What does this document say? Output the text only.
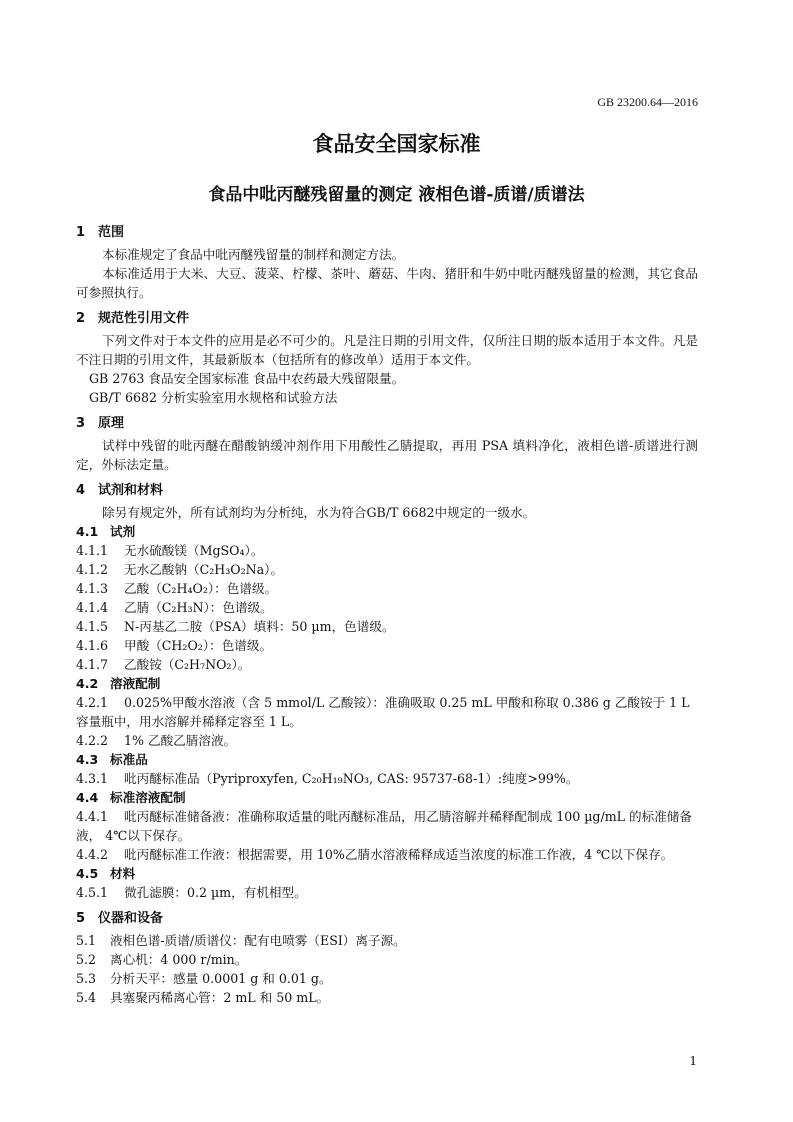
GB 23200.64—2016
食品安全国家标准
食品中吡丙醚残留量的测定 液相色谱-质谱/质谱法
1 范围

本标准规定了食品中吡丙醚残留量的制样和测定方法。

本标准适用于大米、大豆、菠菜、柠檬、茶叶、蘑菇、牛肉、猪肝和牛奶中吡丙醚残留量的检测，其它食品可参照执行。

2 规范性引用文件

下列文件对于本文件的应用是必不可少的。凡是注日期的引用文件，仅所注日期的版本适用于本文件。凡是不注日期的引用文件，其最新版本（包括所有的修改单）适用于本文件。

GB 2763 食品安全国家标准 食品中农药最大残留限量。

GB/T 6682 分析实验室用水规格和试验方法

3 原理

试样中残留的吡丙醚在醋酸钠缓冲剂作用下用酸性乙腈提取，再用 PSA 填料净化，液相色谱-质谱进行测定，外标法定量。

4 试剂和材料

除另有规定外，所有试剂均为分析纯，水为符合GB/T 6682中规定的一级水。

4.1 试剂

4.1.1 无水硫酸镁（MgSO₄）。

4.1.2 无水乙酸钠（C₂H₃O₂Na）。

4.1.3 乙酸（C₂H₄O₂）：色谱级。

4.1.4 乙腈（C₂H₃N）：色谱级。

4.1.5 N-丙基乙二胺（PSA）填料：50 µm，色谱级。

4.1.6 甲酸（CH₂O₂）：色谱级。

4.1.7 乙酸铵（C₂H₇NO₂）。

4.2 溶液配制

4.2.1 0.025%甲酸水溶液（含 5 mmol/L 乙酸铵）：准确吸取 0.25 mL 甲酸和称取 0.386 g 乙酸铵于 1 L 容量瓶中，用水溶解并稀释定容至 1 L。

4.2.2 1% 乙酸乙腈溶液。

4.3 标准品

4.3.1 吡丙醚标准品（Pyriproxyfen, C₂₀H₁₉NO₃, CAS: 95737-68-1）:纯度>99%。

4.4 标准溶液配制

4.4.1 吡丙醚标准储备液：准确称取适量的吡丙醚标准品，用乙腈溶解并稀释配制成 100 µg/mL 的标准储备液， 4℃以下保存。

4.4.2 吡丙醚标准工作液：根据需要，用 10%乙腈水溶液稀释成适当浓度的标准工作液，4 ℃以下保存。

4.5 材料

4.5.1 微孔滤膜：0.2 µm，有机相型。

5 仪器和设备

5.1 液相色谱-质谱/质谱仪：配有电喷雾（ESI）离子源。

5.2 离心机：4 000 r/min。

5.3 分析天平：感量 0.0001 g 和 0.01 g。

5.4 具塞聚丙稀离心管：2 mL 和 50 mL。

1
